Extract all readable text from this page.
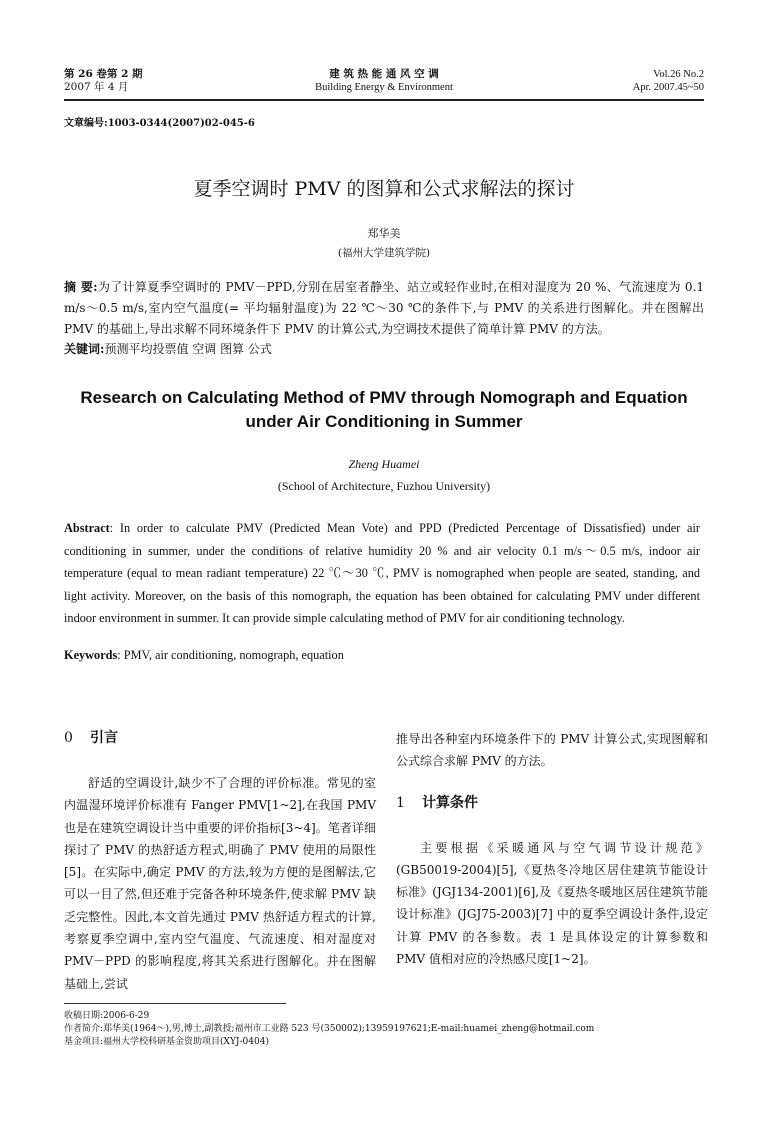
第 26 卷第 2 期
2007 年 4 月
建 筑 热 能 通 风 空 调
Building Energy & Environment
Vol.26 No.2
Apr. 2007.45~50
文章编号:1003-0344(2007)02-045-6
夏季空调时 PMV 的图算和公式求解法的探讨
郑华美
(福州大学建筑学院)
摘 要:为了计算夏季空调时的 PMV－PPD,分别在居室者静坐、站立或轻作业时,在相对湿度为 20 %、气流速度为 0.1 m/s～0.5 m/s,室内空气温度(= 平均辐射温度)为 22 ℃～30 ℃的条件下,与 PMV 的关系进行图解化。并在图解出 PMV 的基础上,导出求解不同环境条件下 PMV 的计算公式,为空调技术提供了简单计算 PMV 的方法。
关键词:预测平均投票值 空调 图算 公式
Research on Calculating Method of PMV through Nomograph and Equation under Air Conditioning in Summer
Zheng Huamei
(School of Architecture, Fuzhou University)
Abstract: In order to calculate PMV (Predicted Mean Vote) and PPD (Predicted Percentage of Dissatisfied) under air conditioning in summer, under the conditions of relative humidity 20 % and air velocity 0.1 m/s～0.5 m/s, indoor air temperature (equal to mean radiant temperature) 22 ℃～30 ℃, PMV is nomographed when people are seated, standing, and light activity. Moreover, on the basis of this nomograph, the equation has been obtained for calculating PMV under different indoor environment in summer. It can provide simple calculating method of PMV for air conditioning technology.
Keywords: PMV, air conditioning, nomograph, equation

0 引言

舒适的空调设计,缺少不了合理的评价标准。常见的室内温湿环境评价标准有 Fanger PMV[1~2],在我国 PMV 也是在建筑空调设计当中重要的评价指标[3~4]。笔者详细探讨了 PMV 的热舒适方程式,明确了 PMV 使用的局限性[5]。在实际中,确定 PMV 的方法,较为方便的是图解法,它可以一目了然,但还难于完备各种环境条件,使求解 PMV 缺乏完整性。因此,本文首先通过 PMV 热舒适方程式的计算,考察夏季空调中,室内空气温度、气流速度、相对湿度对 PMV－PPD 的影响程度,将其关系进行图解化。并在图解基础上,尝试

推导出各种室内环境条件下的 PMV 计算公式,实现图解和公式综合求解 PMV 的方法。

1 计算条件

主要根据《采暖通风与空气调节设计规范》(GB50019-2004)[5],《夏热冬冷地区居住建筑节能设计标准》(JGJ134-2001)[6],及《夏热冬暖地区居住建筑节能设计标准》(JGJ75-2003)[7] 中的夏季空调设计条件,设定计算 PMV 的各参数。表 1 是具体设定的计算参数和 PMV 值相对应的冷热感尺度[1~2]。

收稿日期:2006-6-29
作者简介:郑华美(1964～),男,博士,副教授;福州市工业路 523 号(350002);13959197621;E-mail:huamei_zheng@hotmail.com
基金项目:福州大学校科研基金资助项目(XYJ-0404)
